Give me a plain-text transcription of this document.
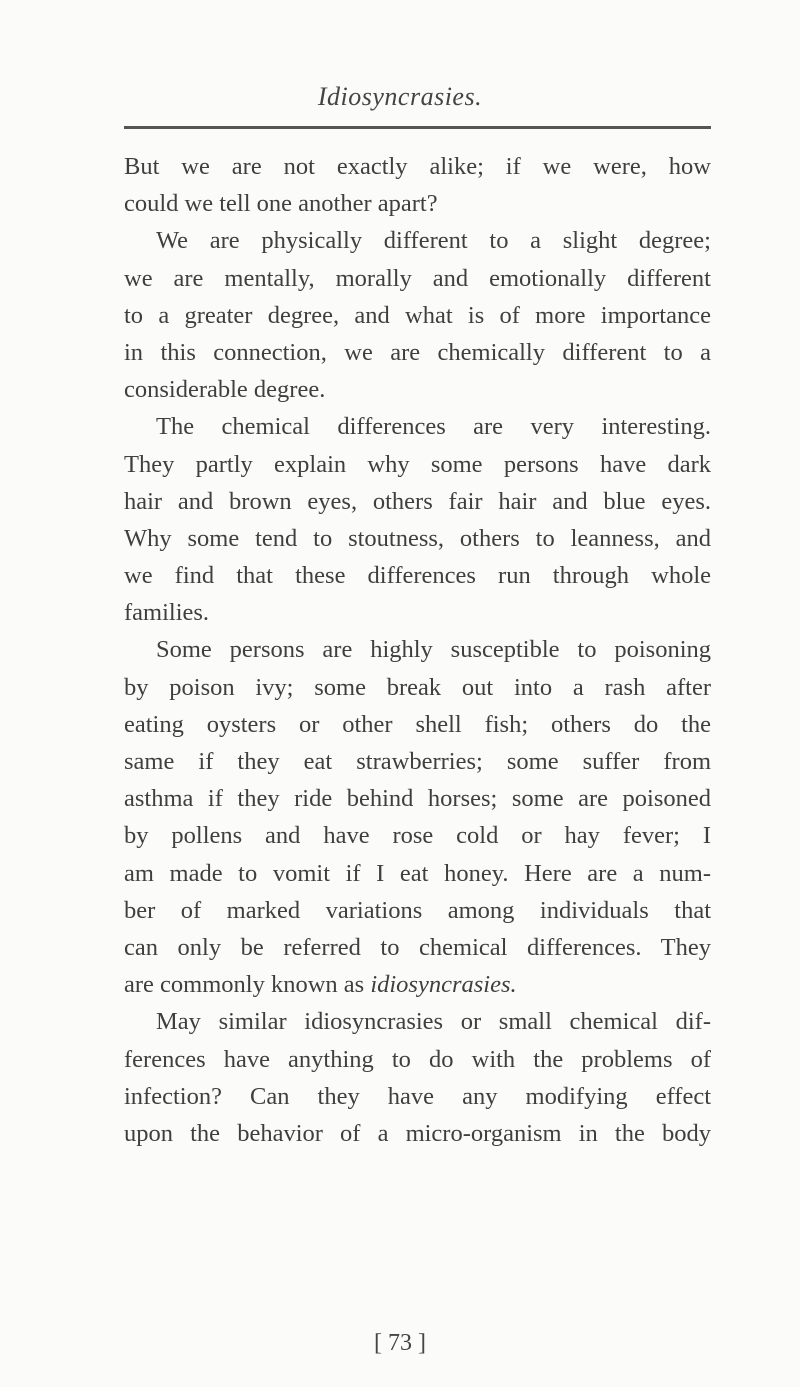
Idiosyncrasies.
But we are not exactly alike; if we were, how
could we tell one another apart?
We are physically different to a slight degree;
we are mentally, morally and emotionally different
to a greater degree, and what is of more importance
in this connection, we are chemically different to a
considerable degree.
The chemical differences are very interesting.
They partly explain why some persons have dark
hair and brown eyes, others fair hair and blue eyes.
Why some tend to stoutness, others to leanness, and
we find that these differences run through whole
families.
Some persons are highly susceptible to poisoning
by poison ivy; some break out into a rash after
eating oysters or other shell fish; others do the
same if they eat strawberries; some suffer from
asthma if they ride behind horses; some are poisoned
by pollens and have rose cold or hay fever; I
am made to vomit if I eat honey. Here are a num-
ber of marked variations among individuals that
can only be referred to chemical differences. They
are commonly known as idiosyncrasies.
May similar idiosyncrasies or small chemical dif-
ferences have anything to do with the problems of
infection? Can they have any modifying effect
upon the behavior of a micro-organism in the body
[ 73 ]
